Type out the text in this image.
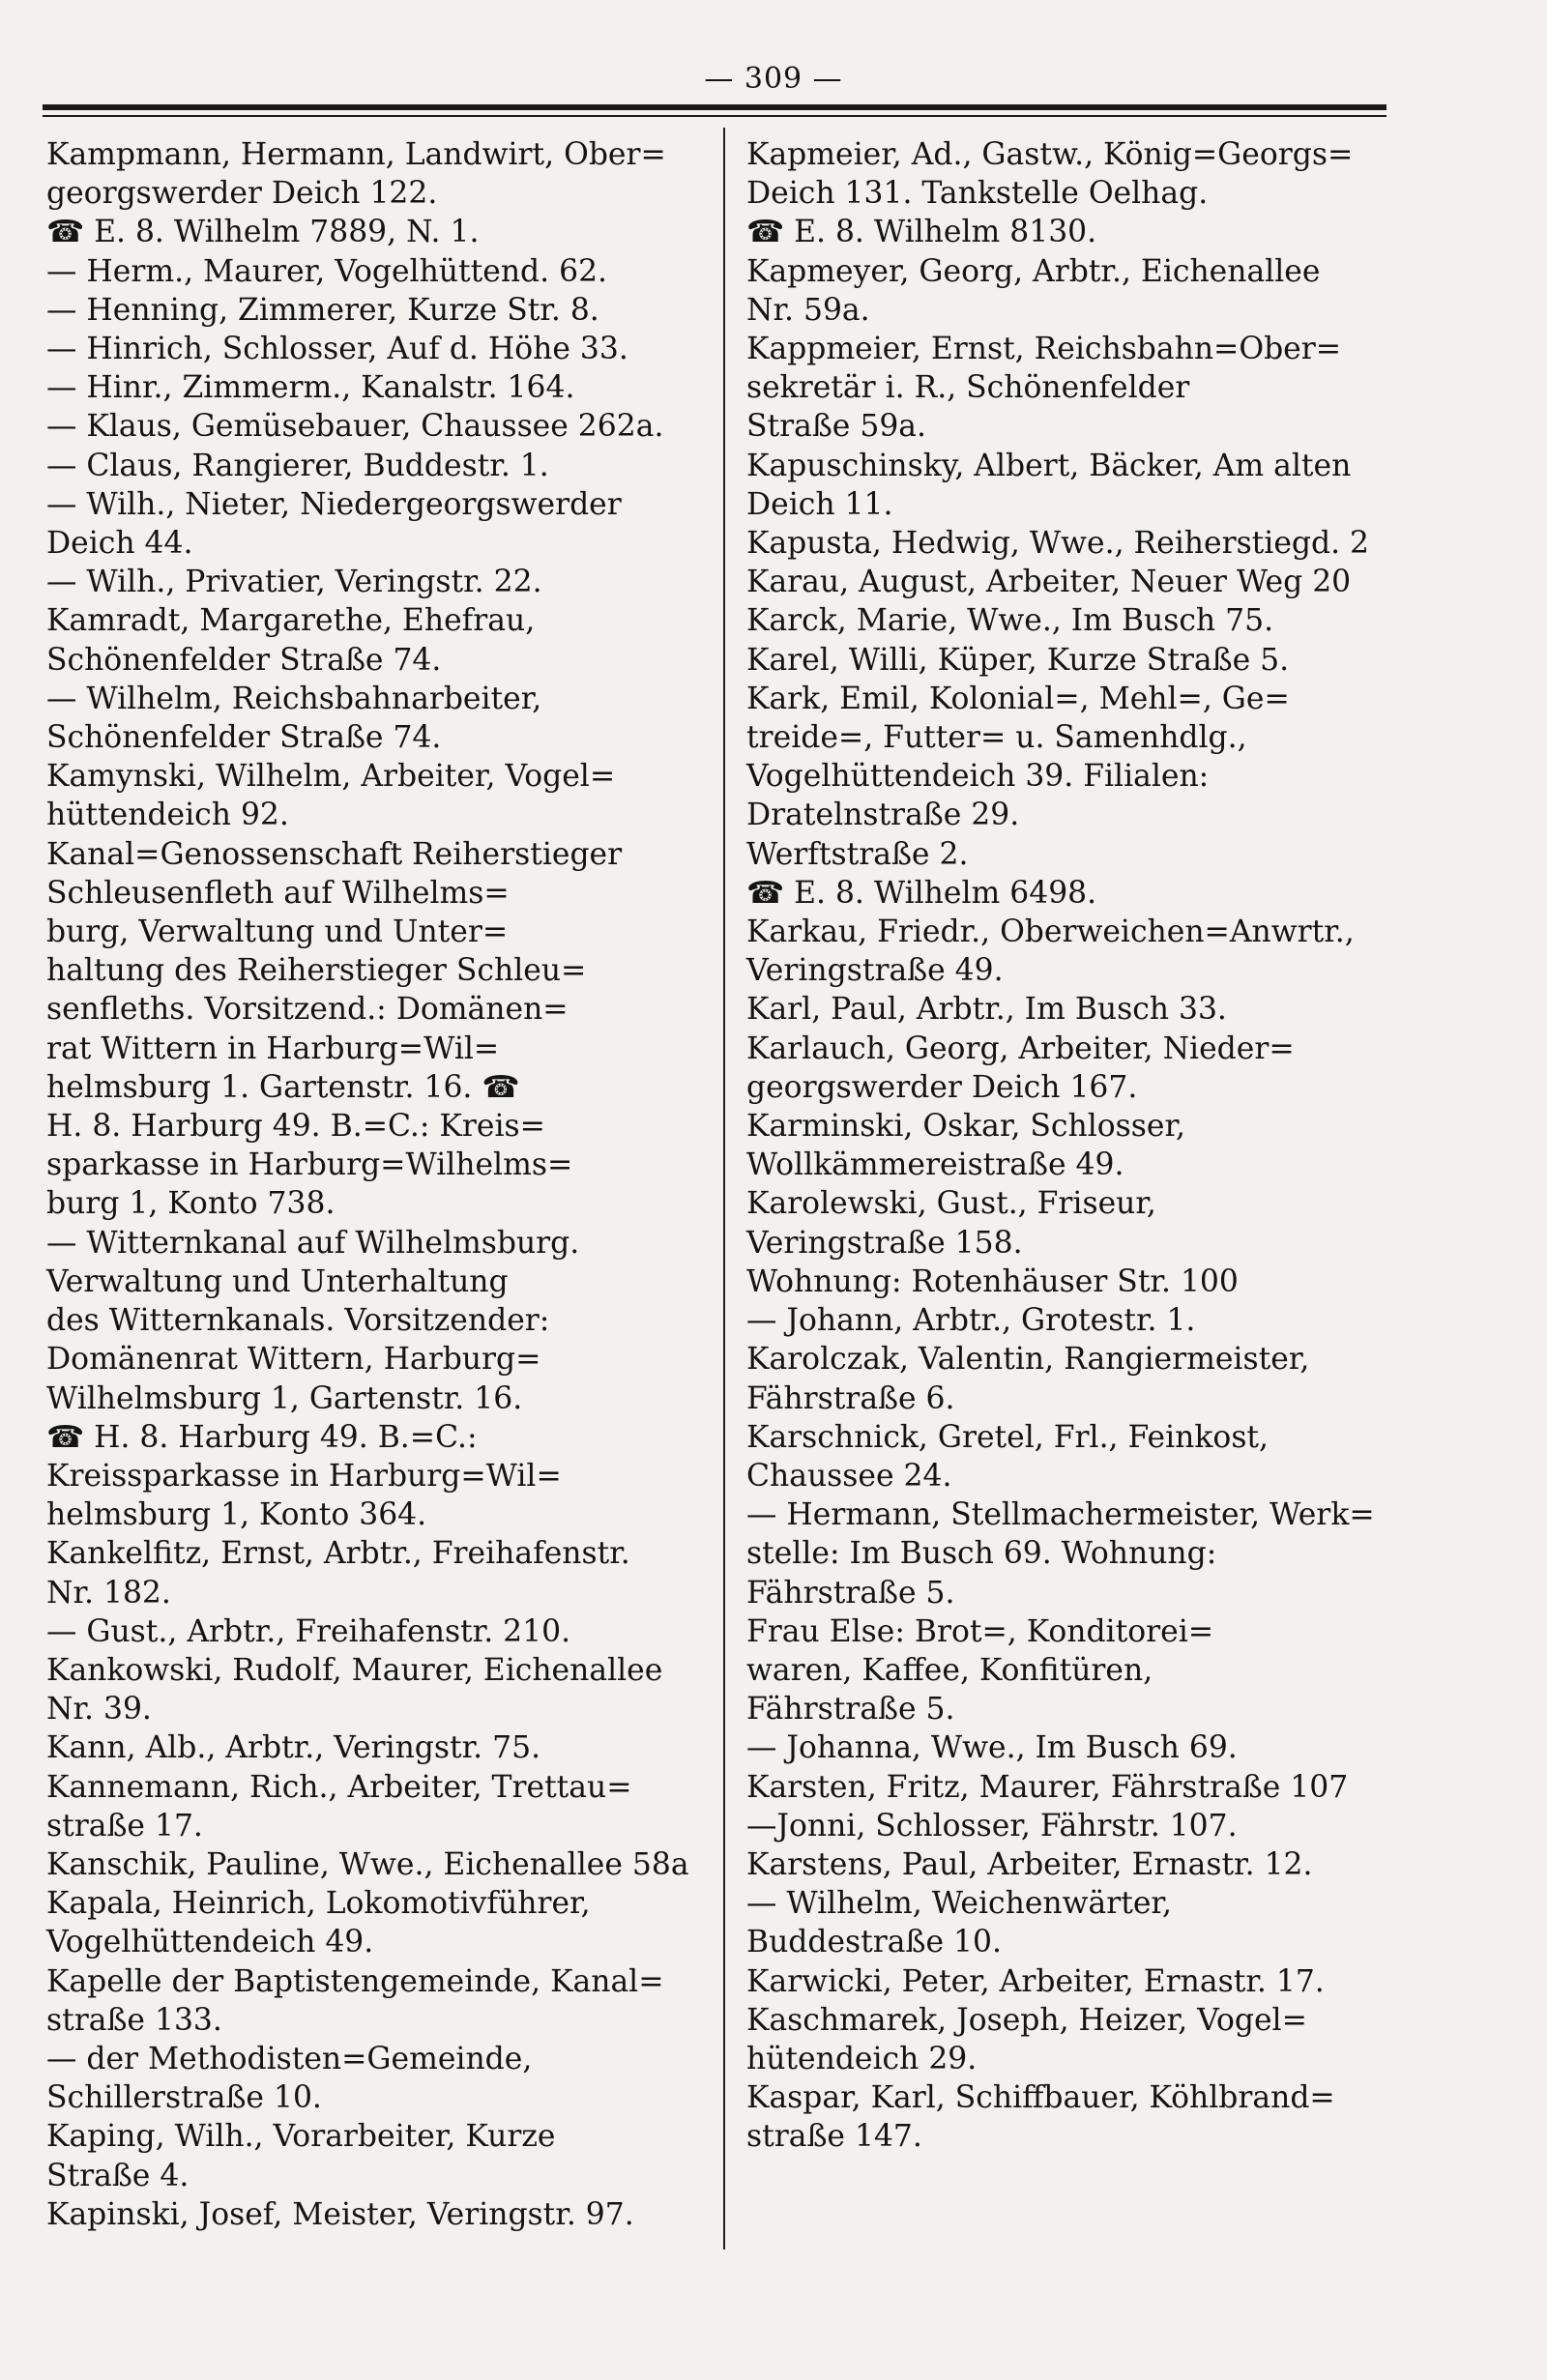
— 309 —
Kampmann, Hermann, Landwirt, Ober=
georgswerder Deich 122.
☎ E. 8. Wilhelm 7889, N. 1.
— Herm., Maurer, Vogelhüttend. 62.
— Henning, Zimmerer, Kurze Str. 8.
— Hinrich, Schlosser, Auf d. Höhe 33.
— Hinr., Zimmerm., Kanalstr. 164.
— Klaus, Gemüsebauer, Chaussee 262a.
— Claus, Rangierer, Buddestr. 1.
— Wilh., Nieter, Niedergeorgswerder
Deich 44.
— Wilh., Privatier, Veringstr. 22.
Kamradt, Margarethe, Ehefrau,
Schönenfelder Straße 74.
— Wilhelm, Reichsbahnarbeiter,
Schönenfelder Straße 74.
Kamynski, Wilhelm, Arbeiter, Vogel=
hüttendeich 92.
Kanal=Genossenschaft Reiherstieger
Schleusenfleth auf Wilhelms=
burg, Verwaltung und Unter=
haltung des Reiherstieger Schleu=
senfleths. Vorsitzend.: Domänen=
rat Wittern in Harburg=Wil=
helmsburg 1. Gartenstr. 16. ☎
H. 8. Harburg 49. B.=C.: Kreis=
sparkasse in Harburg=Wilhelms=
burg 1, Konto 738.
— Witternkanal auf Wilhelmsburg.
Verwaltung und Unterhaltung
des Witternkanals. Vorsitzender:
Domänenrat Wittern, Harburg=
Wilhelmsburg 1, Gartenstr. 16.
☎ H. 8. Harburg 49. B.=C.:
Kreissparkasse in Harburg=Wil=
helmsburg 1, Konto 364.
Kankelfitz, Ernst, Arbtr., Freihafenstr.
Nr. 182.
— Gust., Arbtr., Freihafenstr. 210.
Kankowski, Rudolf, Maurer, Eichenallee
Nr. 39.
Kann, Alb., Arbtr., Veringstr. 75.
Kannemann, Rich., Arbeiter, Trettau=
straße 17.
Kanschik, Pauline, Wwe., Eichenallee 58a
Kapala, Heinrich, Lokomotivführer,
Vogelhüttendeich 49.
Kapelle der Baptistengemeinde, Kanal=
straße 133.
— der Methodisten=Gemeinde,
Schillerstraße 10.
Kaping, Wilh., Vorarbeiter, Kurze
Straße 4.
Kapinski, Josef, Meister, Veringstr. 97.
Kapmeier, Ad., Gastw., König=Georgs=
Deich 131. Tankstelle Oelhag.
☎ E. 8. Wilhelm 8130.
Kapmeyer, Georg, Arbtr., Eichenallee
Nr. 59a.
Kappmeier, Ernst, Reichsbahn=Ober=
sekretär i. R., Schönenfelder
Straße 59a.
Kapuschinsky, Albert, Bäcker, Am alten
Deich 11.
Kapusta, Hedwig, Wwe., Reiherstiegd. 2
Karau, August, Arbeiter, Neuer Weg 20
Karck, Marie, Wwe., Im Busch 75.
Karel, Willi, Küper, Kurze Straße 5.
Kark, Emil, Kolonial=, Mehl=, Ge=
treide=, Futter= u. Samenhdlg.,
Vogelhüttendeich 39. Filialen:
Dratelnstraße 29.
Werftstraße 2.
☎ E. 8. Wilhelm 6498.
Karkau, Friedr., Oberweichen=Anwrtr.,
Veringstraße 49.
Karl, Paul, Arbtr., Im Busch 33.
Karlauch, Georg, Arbeiter, Nieder=
georgswerder Deich 167.
Karminski, Oskar, Schlosser,
Wollkämmereistraße 49.
Karolewski, Gust., Friseur,
Veringstraße 158.
Wohnung: Rotenhäuser Str. 100
— Johann, Arbtr., Grotestr. 1.
Karolczak, Valentin, Rangiermeister,
Fährstraße 6.
Karschnick, Gretel, Frl., Feinkost,
Chaussee 24.
— Hermann, Stellmachermeister, Werk=
stelle: Im Busch 69. Wohnung:
Fährstraße 5.
Frau Else: Brot=, Konditorei=
waren, Kaffee, Konfitüren,
Fährstraße 5.
— Johanna, Wwe., Im Busch 69.
Karsten, Fritz, Maurer, Fährstraße 107
—Jonni, Schlosser, Fährstr. 107.
Karstens, Paul, Arbeiter, Ernastr. 12.
— Wilhelm, Weichenwärter,
Buddestraße 10.
Karwicki, Peter, Arbeiter, Ernastr. 17.
Kaschmarek, Joseph, Heizer, Vogel=
hütendeich 29.
Kaspar, Karl, Schiffbauer, Köhlbrand=
straße 147.
